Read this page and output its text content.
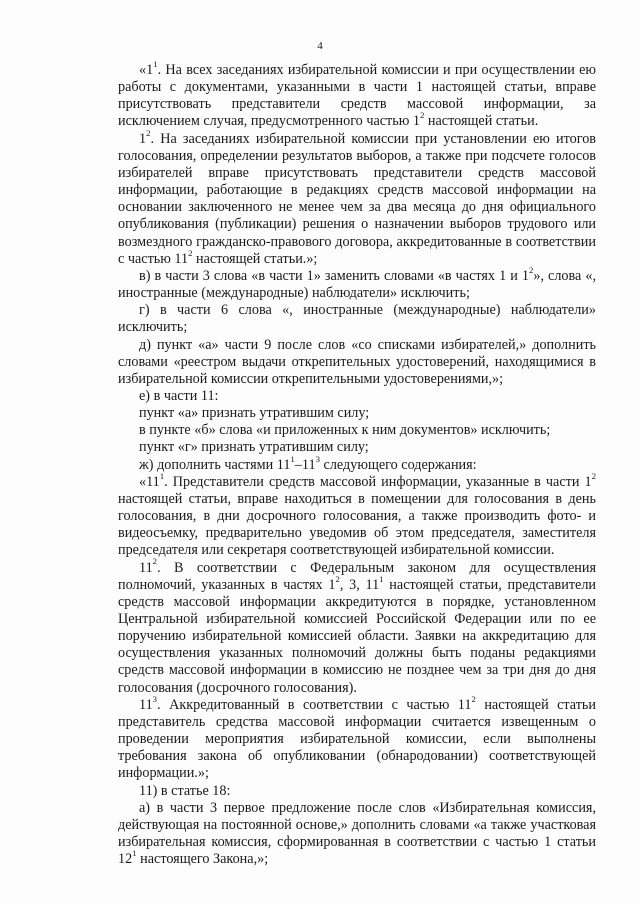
4

«$1^1$. На всех заседаниях избирательной комиссии и при осуществлении ею работы с документами, указанными в части 1 настоящей статьи, вправе присутствовать представители средств массовой информации, за исключением случая, предусмотренного частью $1^2$ настоящей статьи.

$1^2$. На заседаниях избирательной комиссии при установлении ею итогов голосования, определении результатов выборов, а также при подсчете голосов избирателей вправе присутствовать представители средств массовой информации, работающие в редакциях средств массовой информации на основании заключенного не менее чем за два месяца до дня официального опубликования (публикации) решения о назначении выборов трудового или возмездного гражданско-правового договора, аккредитованные в соответствии с частью $11^2$ настоящей статьи.»;

в) в части 3 слова «в части 1» заменить словами «в частях 1 и $1^2$», слова «, иностранные (международные) наблюдатели» исключить;

г) в части 6 слова «, иностранные (международные) наблюдатели» исключить;

д) пункт «а» части 9 после слов «со списками избирателей,» дополнить словами «реестром выдачи открепительных удостоверений, находящимися в избирательной комиссии открепительными удостоверениями,»;

е) в части 11:

пункт «а» признать утратившим силу;

в пункте «б» слова «и приложенных к ним документов» исключить;

пункт «г» признать утратившим силу;

ж) дополнить частями $11^1-11^3$ следующего содержания:

«$11^1$. Представители средств массовой информации, указанные в части $1^2$ настоящей статьи, вправе находиться в помещении для голосования в день голосования, в дни досрочного голосования, а также производить фото- и видеосъемку, предварительно уведомив об этом председателя, заместителя председателя или секретаря соответствующей избирательной комиссии.

$11^2$. В соответствии с Федеральным законом для осуществления полномочий, указанных в частях $1^2$, 3, $11^1$ настоящей статьи, представители средств массовой информации аккредитуются в порядке, установленном Центральной избирательной комиссией Российской Федерации или по ее поручению избирательной комиссией области. Заявки на аккредитацию для осуществления указанных полномочий должны быть поданы редакциями средств массовой информации в комиссию не позднее чем за три дня до дня голосования (досрочного голосования).

$11^3$. Аккредитованный в соответствии с частью $11^2$ настоящей статьи представитель средства массовой информации считается извещенным о проведении мероприятия избирательной комиссии, если выполнены требования закона об опубликовании (обнародовании) соответствующей информации.»;

11) в статье 18:

а) в части 3 первое предложение после слов «Избирательная комиссия, действующая на постоянной основе,» дополнить словами «а также участковая избирательная комиссия, сформированная в соответствии с частью 1 статьи $12^1$ настоящего Закона,»;
